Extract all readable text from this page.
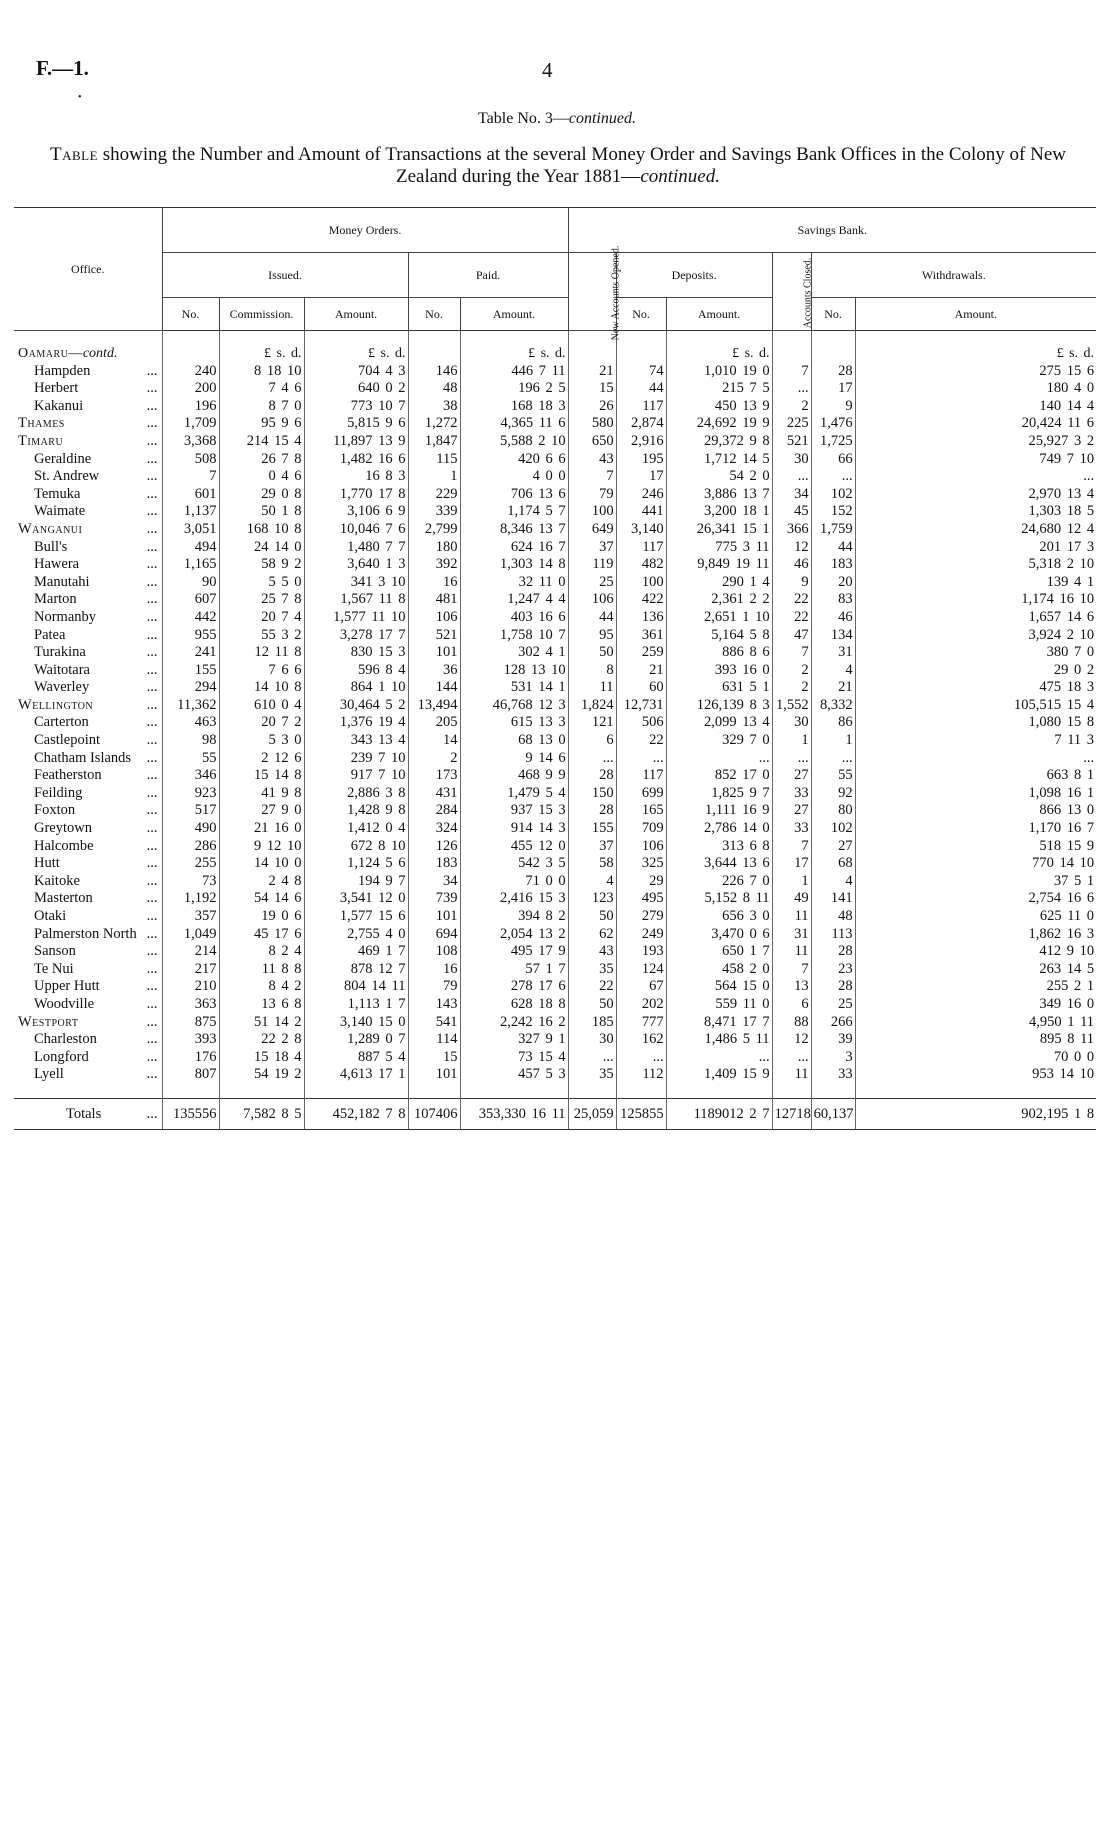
F.—1.	4
•
Table No. 3—continued.
Table showing the Number and Amount of Transactions at the several Money Order and Savings Bank Offices in the Colony of New Zealand during the Year 1881—continued.
Office.	Money Orders.					Savings Bank.					
	Issued.			Paid.		New Accounts Opened.	Deposits.		Accounts Closed.	Withdrawals.	
	No.	Commission.	Amount.	No.	Amount.		No.	Amount.		No.	Amount.

Oamaru—contd.		£ s. d.	£ s. d.		£ s. d.			£ s. d.			£ s. d.
Hampden ...	240	8 18 10	704 4 3	146	446 7 11	21	74	1,010 19 0	7	28	275 15 6
Herbert ...	200	7 4 6	640 0 2	48	196 2 5	15	44	215 7 5	...	17	180 4 0
Kakanui ...	196	8 7 0	773 10 7	38	168 18 3	26	117	450 13 9	2	9	140 14 4
Thames ...	1,709	95 9 6	5,815 9 6	1,272	4,365 11 6	580	2,874	24,692 19 9	225	1,476	20,424 11 6
Timaru ...	3,368	214 15 4	11,897 13 9	1,847	5,588 2 10	650	2,916	29,372 9 8	521	1,725	25,927 3 2
Geraldine ...	508	26 7 8	1,482 16 6	115	420 6 6	43	195	1,712 14 5	30	66	749 7 10
St. Andrew ...	7	0 4 6	16 8 3	1	4 0 0	7	17	54 2 0	...	...	...
Temuka ...	601	29 0 8	1,770 17 8	229	706 13 6	79	246	3,886 13 7	34	102	2,970 13 4
Waimate ...	1,137	50 1 8	3,106 6 9	339	1,174 5 7	100	441	3,200 18 1	45	152	1,303 18 5
Wanganui ...	3,051	168 10 8	10,046 7 6	2,799	8,346 13 7	649	3,140	26,341 15 1	366	1,759	24,680 12 4
Bull's ...	494	24 14 0	1,480 7 7	180	624 16 7	37	117	775 3 11	12	44	201 17 3
Hawera ...	1,165	58 9 2	3,640 1 3	392	1,303 14 8	119	482	9,849 19 11	46	183	5,318 2 10
Manutahi ...	90	5 5 0	341 3 10	16	32 11 0	25	100	290 1 4	9	20	139 4 1
Marton ...	607	25 7 8	1,567 11 8	481	1,247 4 4	106	422	2,361 2 2	22	83	1,174 16 10
Normanby ...	442	20 7 4	1,577 11 10	106	403 16 6	44	136	2,651 1 10	22	46	1,657 14 6
Patea ...	955	55 3 2	3,278 17 7	521	1,758 10 7	95	361	5,164 5 8	47	134	3,924 2 10
Turakina ...	241	12 11 8	830 15 3	101	302 4 1	50	259	886 8 6	7	31	380 7 0
Waitotara ...	155	7 6 6	596 8 4	36	128 13 10	8	21	393 16 0	2	4	29 0 2
Waverley ...	294	14 10 8	864 1 10	144	531 14 1	11	60	631 5 1	2	21	475 18 3
Wellington ...	11,362	610 0 4	30,464 5 2	13,494	46,768 12 3	1,824	12,731	126,139 8 3	1,552	8,332	105,515 15 4
Carterton ...	463	20 7 2	1,376 19 4	205	615 13 3	121	506	2,099 13 4	30	86	1,080 15 8
Castlepoint ...	98	5 3 0	343 13 4	14	68 13 0	6	22	329 7 0	1	1	7 11 3
Chatham Islands ...	55	2 12 6	239 7 10	2	9 14 6	...	...	...	...	...	...
Featherston ...	346	15 14 8	917 7 10	173	468 9 9	28	117	852 17 0	27	55	663 8 1
Feilding ...	923	41 9 8	2,886 3 8	431	1,479 5 4	150	699	1,825 9 7	33	92	1,098 16 1
Foxton ...	517	27 9 0	1,428 9 8	284	937 15 3	28	165	1,111 16 9	27	80	866 13 0
Greytown ...	490	21 16 0	1,412 0 4	324	914 14 3	155	709	2,786 14 0	33	102	1,170 16 7
Halcombe ...	286	9 12 10	672 8 10	126	455 12 0	37	106	313 6 8	7	27	518 15 9
Hutt ...	255	14 10 0	1,124 5 6	183	542 3 5	58	325	3,644 13 6	17	68	770 14 10
Kaitoke ...	73	2 4 8	194 9 7	34	71 0 0	4	29	226 7 0	1	4	37 5 1
Masterton ...	1,192	54 14 6	3,541 12 0	739	2,416 15 3	123	495	5,152 8 11	49	141	2,754 16 6
Otaki ...	357	19 0 6	1,577 15 6	101	394 8 2	50	279	656 3 0	11	48	625 11 0
Palmerston North ...	1,049	45 17 6	2,755 4 0	694	2,054 13 2	62	249	3,470 0 6	31	113	1,862 16 3
Sanson ...	214	8 2 4	469 1 7	108	495 17 9	43	193	650 1 7	11	28	412 9 10
Te Nui ...	217	11 8 8	878 12 7	16	57 1 7	35	124	458 2 0	7	23	263 14 5
Upper Hutt ...	210	8 4 2	804 14 11	79	278 17 6	22	67	564 15 0	13	28	255 2 1
Woodville ...	363	13 6 8	1,113 1 7	143	628 18 8	50	202	559 11 0	6	25	349 16 0
Westport ...	875	51 14 2	3,140 15 0	541	2,242 16 2	185	777	8,471 17 7	88	266	4,950 1 11
Charleston ...	393	22 2 8	1,289 0 7	114	327 9 1	30	162	1,486 5 11	12	39	895 8 11
Longford ...	176	15 18 4	887 5 4	15	73 15 4	...	...	...	...	3	70 0 0
Lyell ...	807	54 19 2	4,613 17 1	101	457 5 3	35	112	1,409 15 9	11	33	953 14 10

Totals ...	135556	7,582 8 5	452,182 7 8	107406	353,330 16 11	25,059	125855	1189012 2 7	12718	60,137	902,195 1 8
